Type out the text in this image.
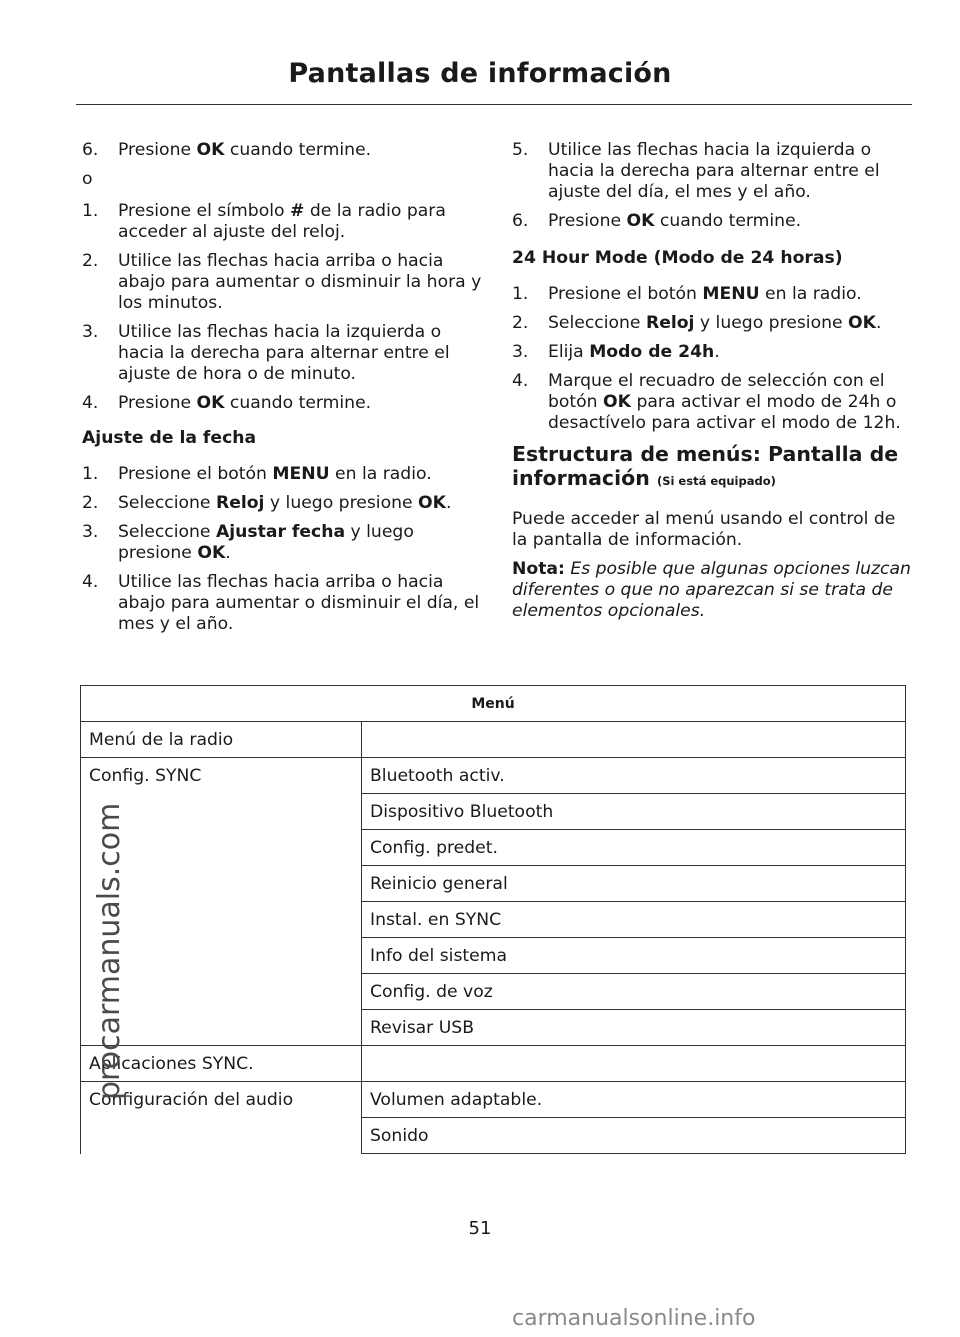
Pantallas de información
6. Presione OK cuando termine.
o
1. Presione el símbolo # de la radio para acceder al ajuste del reloj.
2. Utilice las flechas hacia arriba o hacia abajo para aumentar o disminuir la hora y los minutos.
3. Utilice las flechas hacia la izquierda o hacia la derecha para alternar entre el ajuste de hora o de minuto.
4. Presione OK cuando termine.
Ajuste de la fecha
1. Presione el botón MENU en la radio.
2. Seleccione Reloj y luego presione OK.
3. Seleccione Ajustar fecha y luego presione OK.
4. Utilice las flechas hacia arriba o hacia abajo para aumentar o disminuir el día, el mes y el año.
5. Utilice las flechas hacia la izquierda o hacia la derecha para alternar entre el ajuste del día, el mes y el año.
6. Presione OK cuando termine.
24 Hour Mode (Modo de 24 horas)
1. Presione el botón MENU en la radio.
2. Seleccione Reloj y luego presione OK.
3. Elija Modo de 24h.
4. Marque el recuadro de selección con el botón OK para activar el modo de 24h o desactívelo para activar el modo de 12h.
Estructura de menús: Pantalla de información (Si está equipado)
Puede acceder al menú usando el control de la pantalla de información.
Nota: Es posible que algunas opciones luzcan diferentes o que no aparezcan si se trata de elementos opcionales.
Menú	
Menú de la radio	
Config. SYNC	Bluetooth activ.
	Dispositivo Bluetooth
	Config. predet.
	Reinicio general
	Instal. en SYNC
	Info del sistema
	Config. de voz
	Revisar USB
Aplicaciones SYNC.	
Configuración del audio	Volumen adaptable.
	Sonido
51
procarmanuals.com
carmanualsonline.info
